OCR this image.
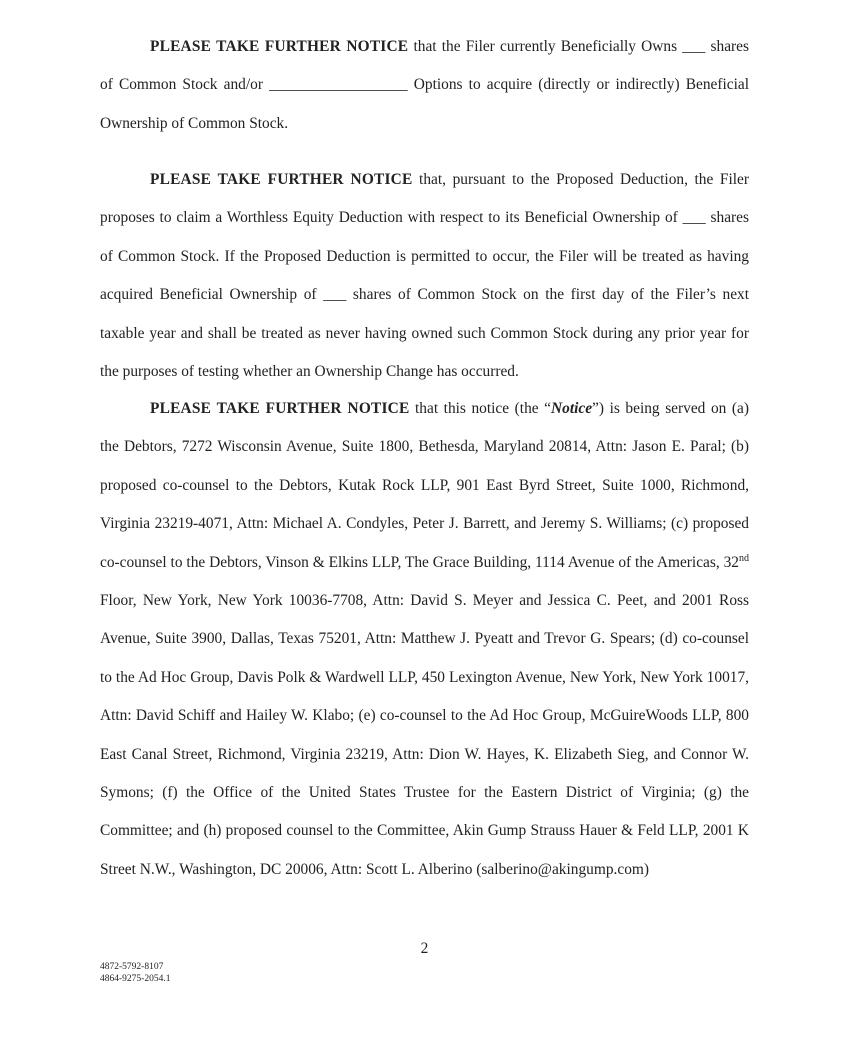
PLEASE TAKE FURTHER NOTICE that the Filer currently Beneficially Owns ___ shares of Common Stock and/or __________________ Options to acquire (directly or indirectly) Beneficial Ownership of Common Stock.

PLEASE TAKE FURTHER NOTICE that, pursuant to the Proposed Deduction, the Filer proposes to claim a Worthless Equity Deduction with respect to its Beneficial Ownership of ___ shares of Common Stock. If the Proposed Deduction is permitted to occur, the Filer will be treated as having acquired Beneficial Ownership of ___ shares of Common Stock on the first day of the Filer’s next taxable year and shall be treated as never having owned such Common Stock during any prior year for the purposes of testing whether an Ownership Change has occurred.

PLEASE TAKE FURTHER NOTICE that this notice (the “Notice”) is being served on (a) the Debtors, 7272 Wisconsin Avenue, Suite 1800, Bethesda, Maryland 20814, Attn: Jason E. Paral; (b) proposed co-counsel to the Debtors, Kutak Rock LLP, 901 East Byrd Street, Suite 1000, Richmond, Virginia 23219-4071, Attn: Michael A. Condyles, Peter J. Barrett, and Jeremy S. Williams; (c) proposed co-counsel to the Debtors, Vinson & Elkins LLP, The Grace Building, 1114 Avenue of the Americas, 32nd Floor, New York, New York 10036-7708, Attn: David S. Meyer and Jessica C. Peet, and 2001 Ross Avenue, Suite 3900, Dallas, Texas 75201, Attn: Matthew J. Pyeatt and Trevor G. Spears; (d) co-counsel to the Ad Hoc Group, Davis Polk & Wardwell LLP, 450 Lexington Avenue, New York, New York 10017, Attn: David Schiff and Hailey W. Klabo; (e) co-counsel to the Ad Hoc Group, McGuireWoods LLP, 800 East Canal Street, Richmond, Virginia 23219, Attn: Dion W. Hayes, K. Elizabeth Sieg, and Connor W. Symons; (f) the Office of the United States Trustee for the Eastern District of Virginia; (g) the Committee; and (h) proposed counsel to the Committee, Akin Gump Strauss Hauer & Feld LLP, 2001 K Street N.W., Washington, DC 20006, Attn: Scott L. Alberino (salberino@akingump.com)

2
4872-5792-8107
4864-9275-2054.1
